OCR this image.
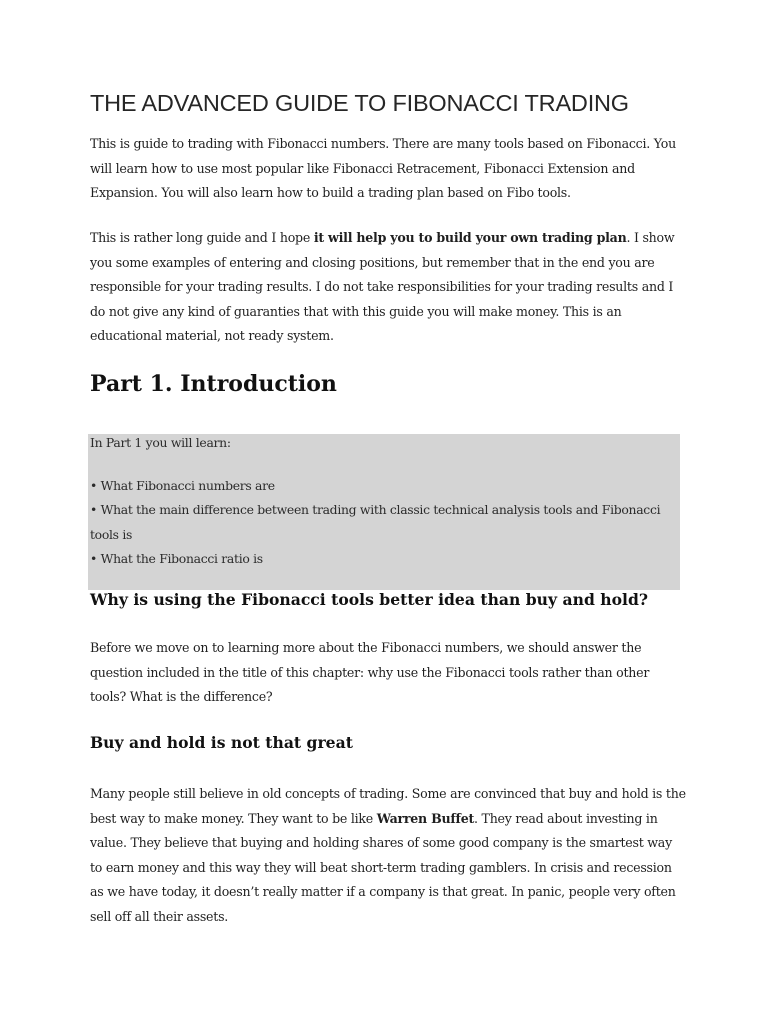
THE ADVANCED GUIDE TO FIBONACCI TRADING

This is guide to trading with Fibonacci numbers. There are many tools based on Fibonacci. You will learn how to use most popular like Fibonacci Retracement, Fibonacci Extension and Expansion. You will also learn how to build a trading plan based on Fibo tools.

This is rather long guide and I hope it will help you to build your own trading plan. I show you some examples of entering and closing positions, but remember that in the end you are responsible for your trading results. I do not take responsibilities for your trading results and I do not give any kind of guaranties that with this guide you will make money. This is an educational material, not ready system.

Part 1. Introduction

In Part 1 you will learn:

• What Fibonacci numbers are

• What the main difference between trading with classic technical analysis tools and Fibonacci tools is

• What the Fibonacci ratio is

Why is using the Fibonacci tools better idea than buy and hold?

Before we move on to learning more about the Fibonacci numbers, we should answer the question included in the title of this chapter: why use the Fibonacci tools rather than other tools? What is the difference?

Buy and hold is not that great

Many people still believe in old concepts of trading. Some are convinced that buy and hold is the best way to make money. They want to be like Warren Buffet. They read about investing in value. They believe that buying and holding shares of some good company is the smartest way to earn money and this way they will beat short-term trading gamblers. In crisis and recession as we have today, it doesn’t really matter if a company is that great. In panic, people very often sell off all their assets.
